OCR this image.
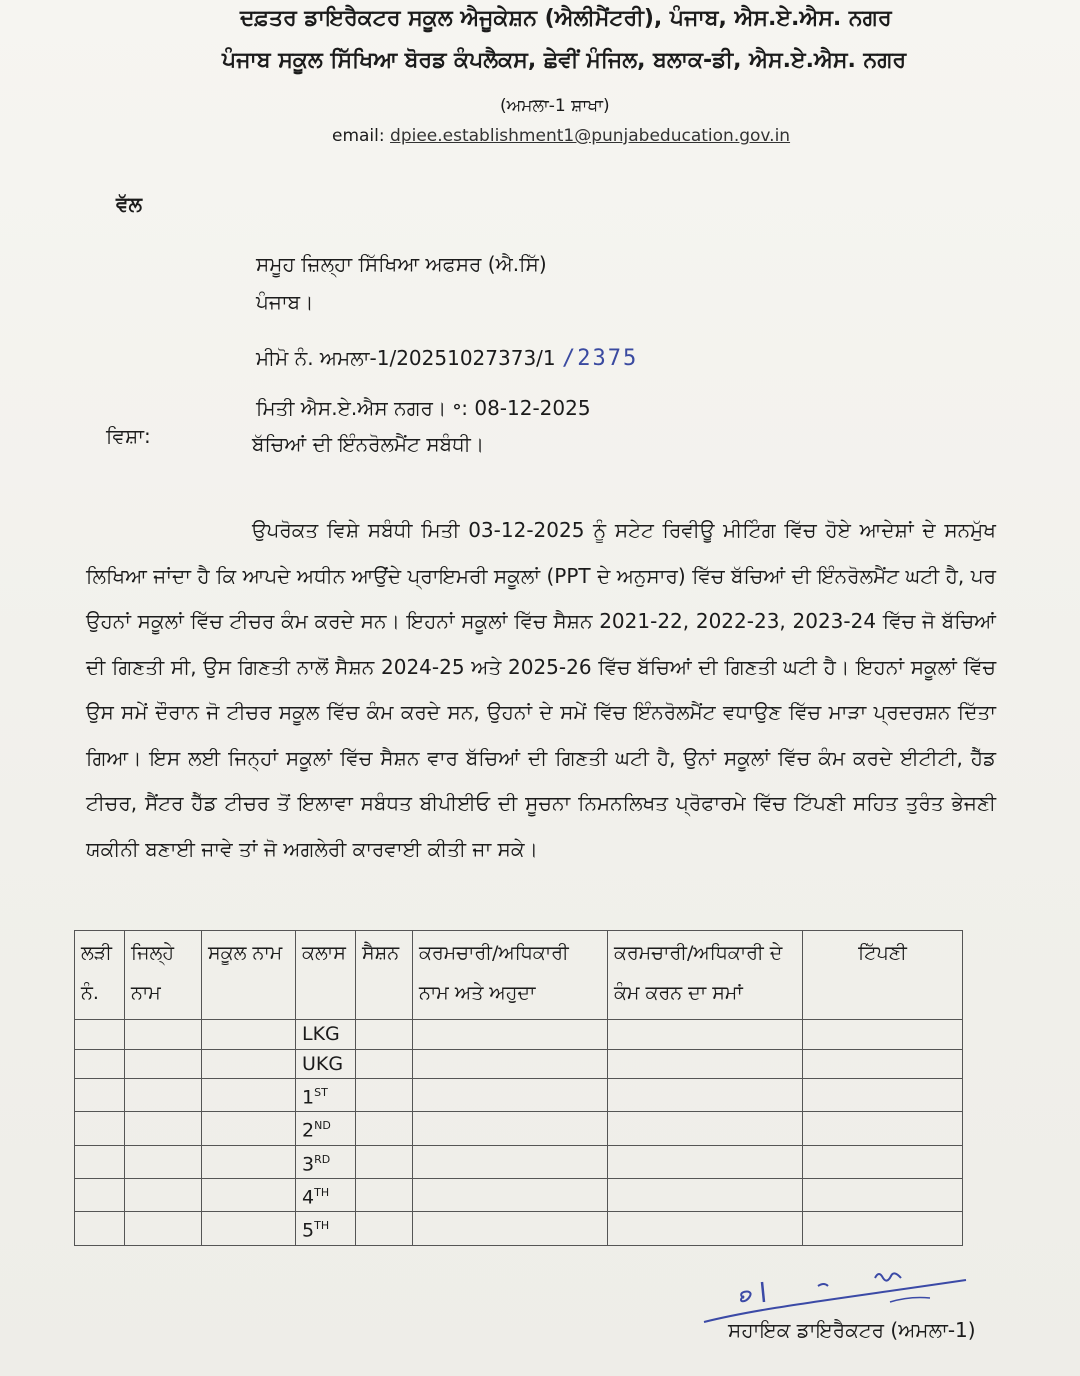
ਦਫ਼ਤਰ ਡਾਇਰੈਕਟਰ ਸਕੂਲ ਐਜੂਕੇਸ਼ਨ (ਐਲੀਮੈਂਟਰੀ), ਪੰਜਾਬ, ਐਸ.ਏ.ਐਸ. ਨਗਰ
ਪੰਜਾਬ ਸਕੂਲ ਸਿੱਖਿਆ ਬੋਰਡ ਕੰਪਲੈਕਸ, ਛੇਵੀਂ ਮੰਜਿਲ, ਬਲਾਕ-ਡੀ, ਐਸ.ਏ.ਐਸ. ਨਗਰ
(ਅਮਲਾ-1 ਸ਼ਾਖਾ)
email: dpiee.establishment1@punjabeducation.gov.in
ਵੱਲ
ਸਮੂਹ ਜ਼ਿਲ੍ਹਾ ਸਿੱਖਿਆ ਅਫਸਰ (ਐ.ਸਿੱ)
ਪੰਜਾਬ।
ਮੀਮੋ ਨੰ. ਅਮਲਾ-1/20251027373/1 /2375
ਮਿਤੀ ਐਸ.ਏ.ਐਸ ਨਗਰ। ॰: 08-12-2025
ਵਿਸ਼ਾ:	ਬੱਚਿਆਂ ਦੀ ਇੰਨਰੋਲਮੈਂਟ ਸਬੰਧੀ।
ਉਪਰੋਕਤ ਵਿਸ਼ੇ ਸਬੰਧੀ ਮਿਤੀ 03-12-2025 ਨੂੰ ਸਟੇਟ ਰਿਵੀਊ ਮੀਟਿੰਗ ਵਿੱਚ ਹੋਏ ਆਦੇਸ਼ਾਂ ਦੇ ਸਨਮੁੱਖ ਲਿਖਿਆ ਜਾਂਦਾ ਹੈ ਕਿ ਆਪਦੇ ਅਧੀਨ ਆਉਂਦੇ ਪ੍ਰਾਇਮਰੀ ਸਕੂਲਾਂ (PPT ਦੇ ਅਨੁਸਾਰ) ਵਿੱਚ ਬੱਚਿਆਂ ਦੀ ਇੰਨਰੋਲਮੈਂਟ ਘਟੀ ਹੈ, ਪਰ ਉਹਨਾਂ ਸਕੂਲਾਂ ਵਿੱਚ ਟੀਚਰ ਕੰਮ ਕਰਦੇ ਸਨ। ਇਹਨਾਂ ਸਕੂਲਾਂ ਵਿੱਚ ਸੈਸ਼ਨ 2021-22, 2022-23, 2023-24 ਵਿੱਚ ਜੋ ਬੱਚਿਆਂ ਦੀ ਗਿਣਤੀ ਸੀ, ਉਸ ਗਿਣਤੀ ਨਾਲੋਂ ਸੈਸ਼ਨ 2024-25 ਅਤੇ 2025-26 ਵਿੱਚ ਬੱਚਿਆਂ ਦੀ ਗਿਣਤੀ ਘਟੀ ਹੈ। ਇਹਨਾਂ ਸਕੂਲਾਂ ਵਿੱਚ ਉਸ ਸਮੇਂ ਦੌਰਾਨ ਜੋ ਟੀਚਰ ਸਕੂਲ ਵਿੱਚ ਕੰਮ ਕਰਦੇ ਸਨ, ਉਹਨਾਂ ਦੇ ਸਮੇਂ ਵਿੱਚ ਇੰਨਰੋਲਮੈਂਟ ਵਧਾਉਣ ਵਿੱਚ ਮਾੜਾ ਪ੍ਰਦਰਸ਼ਨ ਦਿੱਤਾ ਗਿਆ। ਇਸ ਲਈ ਜਿਨ੍ਹਾਂ ਸਕੂਲਾਂ ਵਿੱਚ ਸੈਸ਼ਨ ਵਾਰ ਬੱਚਿਆਂ ਦੀ ਗਿਣਤੀ ਘਟੀ ਹੈ, ਉਨਾਂ ਸਕੂਲਾਂ ਵਿੱਚ ਕੰਮ ਕਰਦੇ ਈਟੀਟੀ, ਹੈੱਡ ਟੀਚਰ, ਸੈਂਟਰ ਹੈੱਡ ਟੀਚਰ ਤੋਂ ਇਲਾਵਾ ਸਬੰਧਤ ਬੀਪੀਈਓ ਦੀ ਸੂਚਨਾ ਨਿਮਨਲਿਖਤ ਪ੍ਰੋਫਾਰਮੇ ਵਿੱਚ ਟਿੱਪਣੀ ਸਹਿਤ ਤੁਰੰਤ ਭੇਜਣੀ ਯਕੀਨੀ ਬਣਾਈ ਜਾਵੇ ਤਾਂ ਜੋ ਅਗਲੇਰੀ ਕਾਰਵਾਈ ਕੀਤੀ ਜਾ ਸਕੇ।
ਲੜੀ ਨੰ.	ਜਿਲ੍ਹੇ ਨਾਮ	ਸਕੂਲ ਨਾਮ	ਕਲਾਸ	ਸੈਸ਼ਨ	ਕਰਮਚਾਰੀ/ਅਧਿਕਾਰੀ ਨਾਮ ਅਤੇ ਅਹੁਦਾ	ਕਰਮਚਾਰੀ/ਅਧਿਕਾਰੀ ਦੇ ਕੰਮ ਕਰਨ ਦਾ ਸਮਾਂ	ਟਿੱਪਣੀ
			LKG				
			UKG				
			1ST				
			2ND				
			3RD				
			4TH				
			5TH				
ਸਹਾਇਕ ਡਾਇਰੈਕਟਰ (ਅਮਲਾ-1)
